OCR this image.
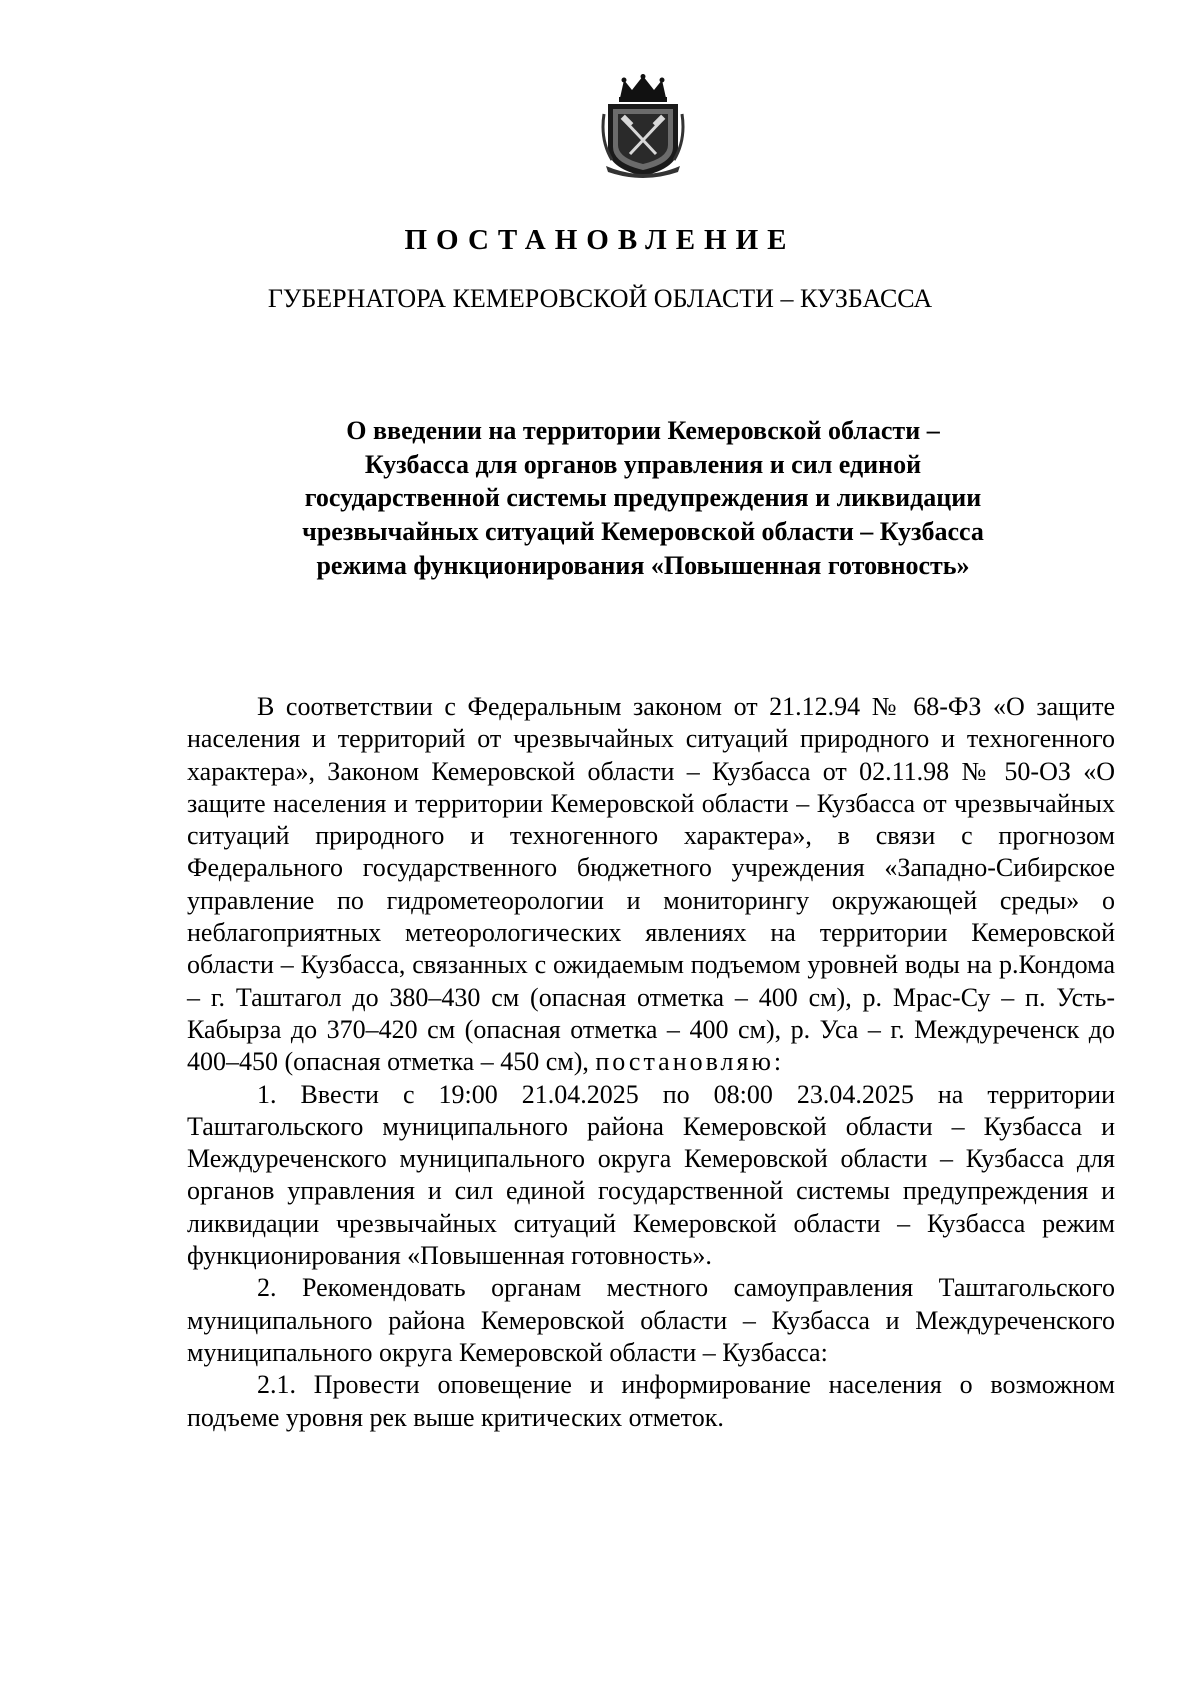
ПОСТАНОВЛЕНИЕ
ГУБЕРНАТОРА КЕМЕРОВСКОЙ ОБЛАСТИ – КУЗБАССА
О введении на территории Кемеровской области – Кузбасса для органов управления и сил единой государственной системы предупреждения и ликвидации чрезвычайных ситуаций Кемеровской области – Кузбасса режима функционирования «Повышенная готовность»

В соответствии с Федеральным законом от 21.12.94 № 68-ФЗ «О защите населения и территорий от чрезвычайных ситуаций природного и техногенного характера», Законом Кемеровской области – Кузбасса от 02.11.98 № 50-ОЗ «О защите населения и территории Кемеровской области – Кузбасса от чрезвычайных ситуаций природного и техногенного характера», в связи с прогнозом Федерального государственного бюджетного учреждения «Западно-Сибирское управление по гидрометеорологии и мониторингу окружающей среды» о неблагоприятных метеорологических явлениях на территории Кемеровской области – Кузбасса, связанных с ожидаемым подъемом уровней воды на р.Кондома – г. Таштагол до 380–430 см (опасная отметка – 400 см), р. Мрас-Су – п. Усть-Кабырза до 370–420 см (опасная отметка – 400 см), р. Уса – г. Междуреченск до 400–450 (опасная отметка – 450 см), постановляю:

1. Ввести с 19:00 21.04.2025 по 08:00 23.04.2025 на территории Таштагольского муниципального района Кемеровской области – Кузбасса и Междуреченского муниципального округа Кемеровской области – Кузбасса для органов управления и сил единой государственной системы предупреждения и ликвидации чрезвычайных ситуаций Кемеровской области – Кузбасса режим функционирования «Повышенная готовность».

2. Рекомендовать органам местного самоуправления Таштагольского муниципального района Кемеровской области – Кузбасса и Междуреченского муниципального округа Кемеровской области – Кузбасса:

2.1. Провести оповещение и информирование населения о возможном подъеме уровня рек выше критических отметок.
